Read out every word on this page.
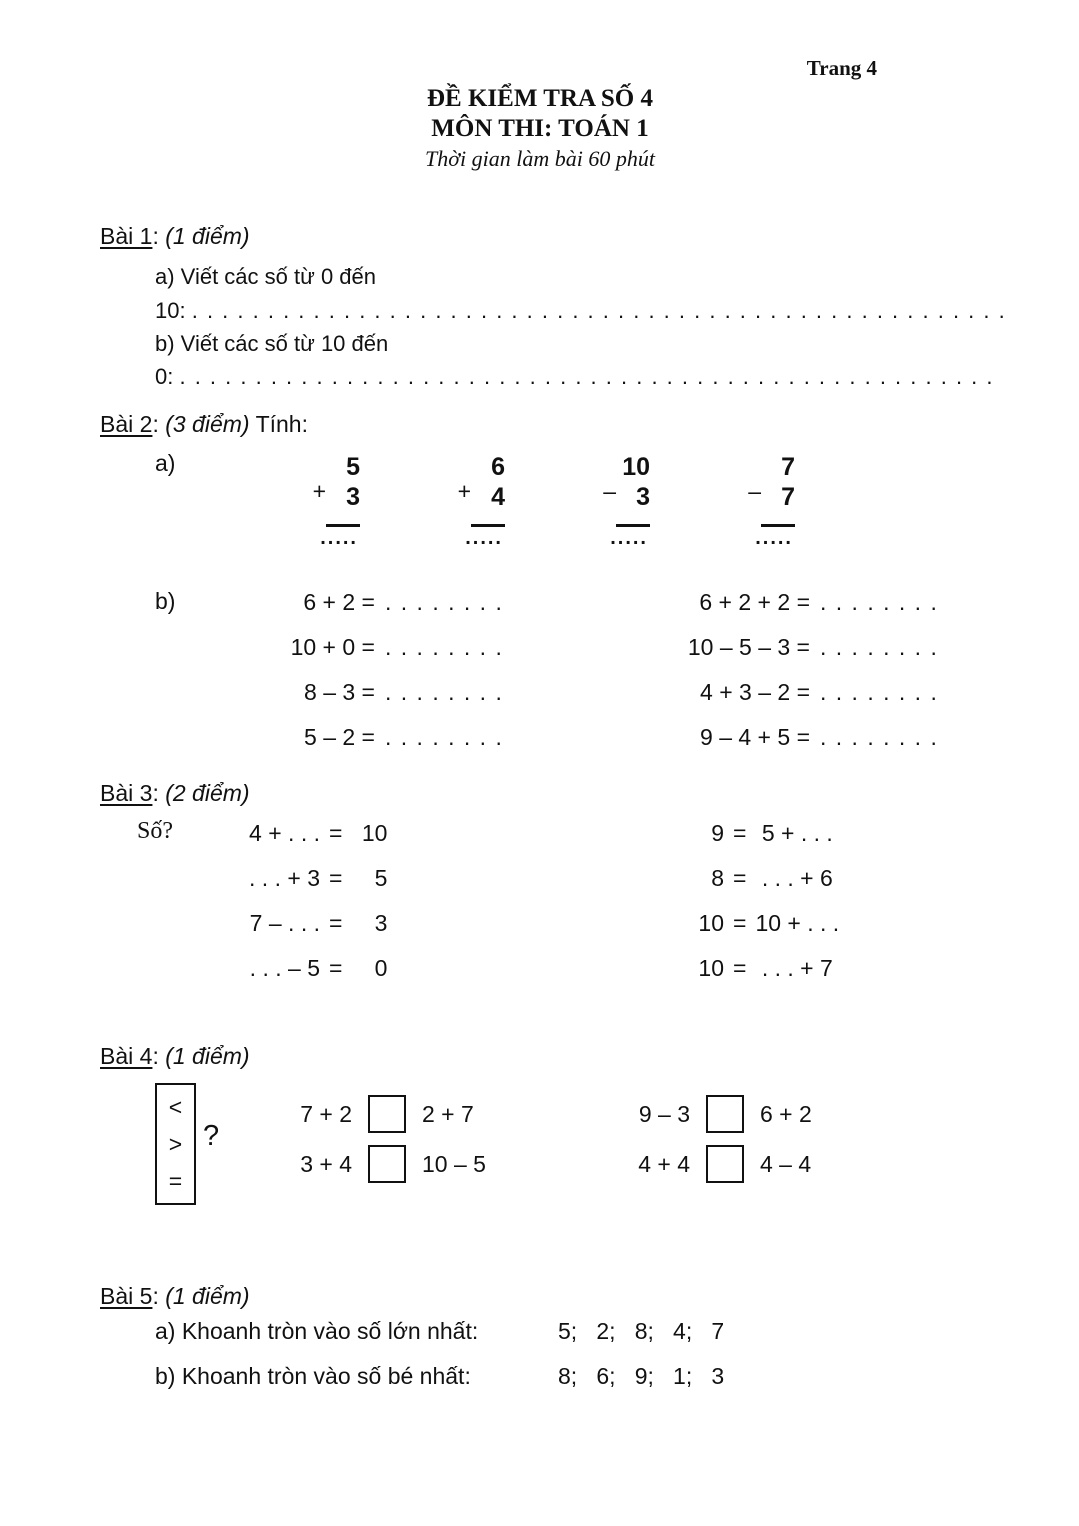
Trang 4
ĐỀ KIỂM TRA SỐ 4
MÔN THI: TOÁN 1
Thời gian làm bài 60 phút
Bài 1: (1 điểm)
a) Viết các số từ 0 đến
10: . . . . . . . . . . . . . . . . . . . . . . . . . . . . . . . . . . . . . . . . . . . . . . . . . . . . . .
b) Viết các số từ 10 đến
0: . . . . . . . . . . . . . . . . . . . . . . . . . . . . . . . . . . . . . . . . . . . . . . . . . . . . . .
Bài 2: (3 điểm) Tính:
a)
+
5
3
.....
+
6
4
.....
–
10
3
.....
–
7
7
.....
b)	6 + 2 = . . . . . . . .
10 + 0 = . . . . . . . .
8 – 3 = . . . . . . . .
5 – 2 = . . . . . . . .
6 + 2 + 2 = . . . . . . . .
10 – 5 – 3 = . . . . . . . .
4 + 3 – 2 = . . . . . . . .
9 – 4 + 5 = . . . . . . . .
Bài 3: (2 điểm)
Số?	4 + . . . = 10
. . . + 3 =	5
7 – . . . =	3
. . . – 5 =	0
9 = 5 + . . .
8 = . . . + 6
10 = 10 + . . .
10 = . . . + 7
Bài 4: (1 điểm)
<
>
=
?
7 + 2	2 + 7
3 + 4	10 – 5
9 – 3	6 + 2
4 + 4	4 – 4
Bài 5: (1 điểm)
a) Khoanh tròn vào số lớn nhất:	5;   2;   8;   4;   7
b) Khoanh tròn vào số bé nhất:	8;   6;   9;   1;   3
